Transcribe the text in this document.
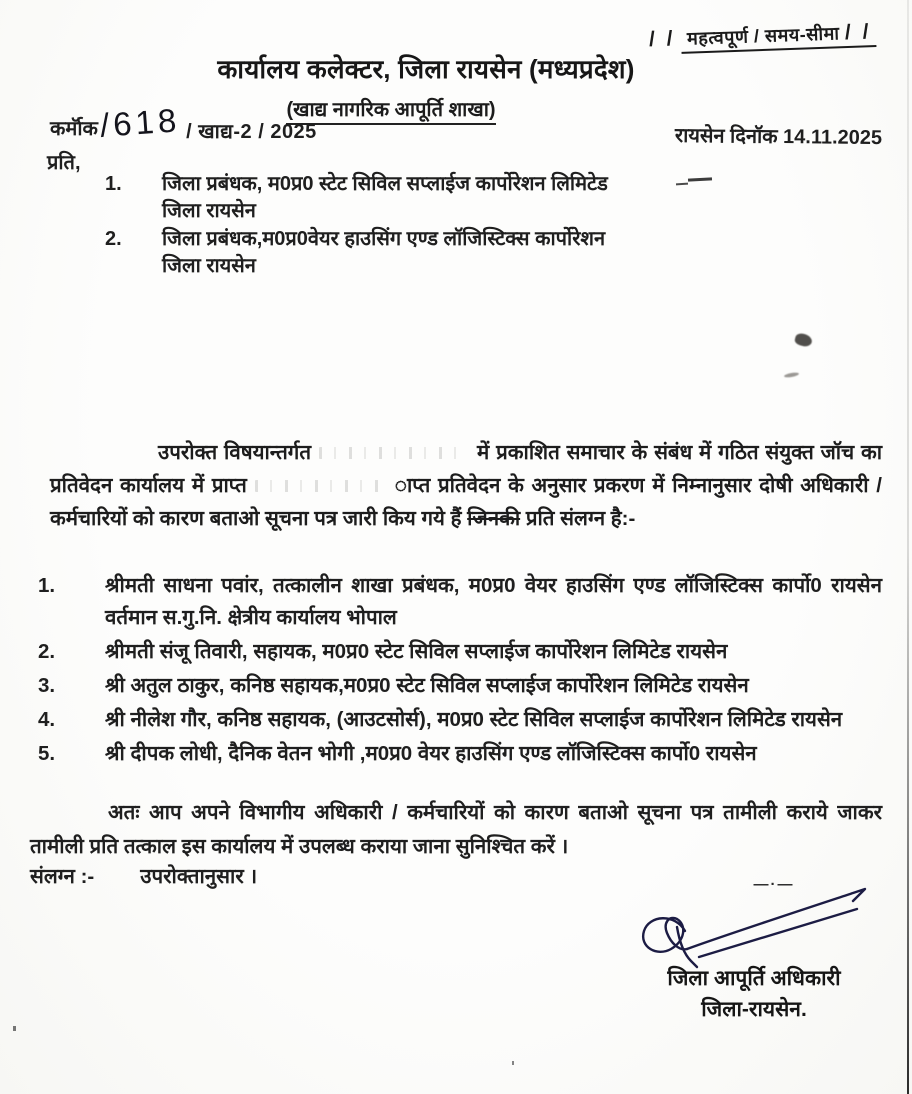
/ / महत्वपूर्ण / समय-सीमा / /
कार्यालय कलेक्टर, जिला रायसेन (मध्यप्रदेश)
(खाद्य नागरिक आपूर्ति शाखा)
कर्मॉक /618 / खाद्य-2 / 2025	रायसेन दिनॉक 14.11.2025
प्रति,
1.	जिला प्रबंधक, म0प्र0 स्टेट सिविल सप्लाईज कार्पोरेशन लिमिटेड
जिला रायसेन
2.	जिला प्रबंधक,म0प्र0वेयर हाउसिंग एण्ड लॉजिस्टिक्स कार्पोरेशन
जिला रायसेन

उपरोक्त विषयान्तर्गत	में प्रकाशित समाचार के संबंध में गठित संयुक्त जॉच का प्रतिवेदन कार्यालय में प्राप्त	ाप्त प्रतिवेदन के अनुसार प्रकरण में निम्नानुसार दोषी अधिकारी / कर्मचारियों को कारण बताओ सूचना पत्र जारी किय गये हैं जिनकी प्रति संलग्न है:-

1.	श्रीमती साधना पवांर, तत्कालीन शाखा प्रबंधक, म0प्र0 वेयर हाउसिंग एण्ड लॉजिस्टिक्स कार्पो0 रायसेन वर्तमान स.गु.नि. क्षेत्रीय कार्यालय भोपाल
2.	श्रीमती संजू तिवारी, सहायक, म0प्र0 स्टेट सिविल सप्लाईज कार्पोरेशन लिमिटेड रायसेन
3.	श्री अतुल ठाकुर, कनिष्ठ सहायक,म0प्र0 स्टेट सिविल सप्लाईज कार्पोरेशन लिमिटेड रायसेन
4.	श्री नीलेश गौर, कनिष्ठ सहायक, (आउटसोर्स), म0प्र0 स्टेट सिविल सप्लाईज कार्पोरेशन लिमिटेड रायसेन
5.	श्री दीपक लोधी, दैनिक वेतन भोगी ,म0प्र0 वेयर हाउसिंग एण्ड लॉजिस्टिक्स कार्पो0 रायसेन

अतः आप अपने विभागीय अधिकारी / कर्मचारियों को कारण बताओ सूचना पत्र तामीली कराये जाकर तामीली प्रति तत्काल इस कार्यालय में उपलब्ध कराया जाना सुनिश्चित करें ।

संलग्न :- उपरोक्तानुसार ।	—·—
जिला आपूर्ति अधिकारी
जिला-रायसेन.
